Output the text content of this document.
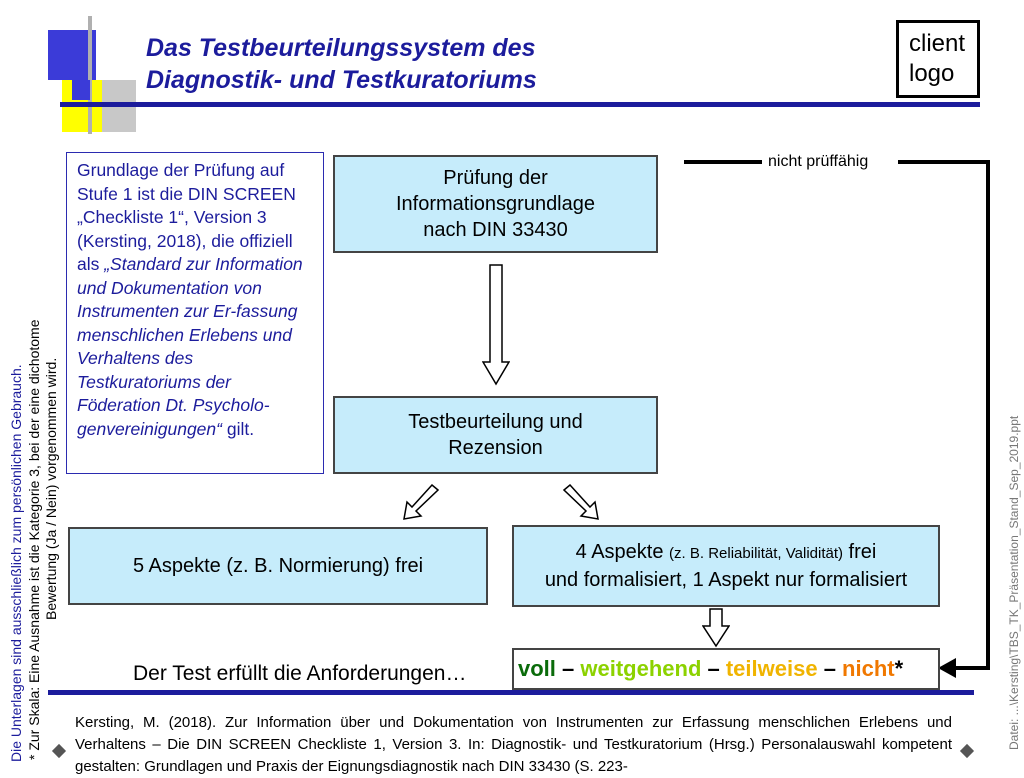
Das Testbeurteilungssystem des
Diagnostik- und Testkuratoriums
client
logo
Grundlage der Prüfung auf Stufe 1 ist die DIN SCREEN „Checkliste 1“, Version 3 (Kersting, 2018), die offiziell als „Standard zur Information und Dokumentation von Instrumenten zur Er-fassung menschlichen Erlebens und Verhaltens des Testkuratoriums der Föderation Dt. Psycholo-genvereinigungen“ gilt.
Die Unterlagen sind ausschließlich zum persönlichen Gebrauch. * Zur Skala: Eine Ausnahme ist die Kategorie 3, bei der eine dichotome Bewertung (Ja / Nein) vorgenommen wird.	Datei: ...\Kersting\TBS_TK_Präsentation_Stand_Sep_2019.ppt
Prüfung der
Informationsgrundlage
nach DIN 33430
nicht prüffähig
Testbeurteilung und
Rezension
5 Aspekte (z. B. Normierung) frei
4 Aspekte (z. B. Reliabilität, Validität) frei
und formalisiert, 1 Aspekt nur formalisiert
Der Test erfüllt die Anforderungen… voll – weitgehend – teilweise – nicht*
Kersting, M. (2018). Zur Information über und Dokumentation von Instrumenten zur Erfassung menschlichen Erlebens und Verhaltens – Die DIN SCREEN Checkliste 1, Version 3. In: Diagnostik- und Testkuratorium (Hrsg.) Personalauswahl kompetent gestalten: Grundlagen und Praxis der Eignungsdiagnostik nach DIN 33430 (S. 223-
